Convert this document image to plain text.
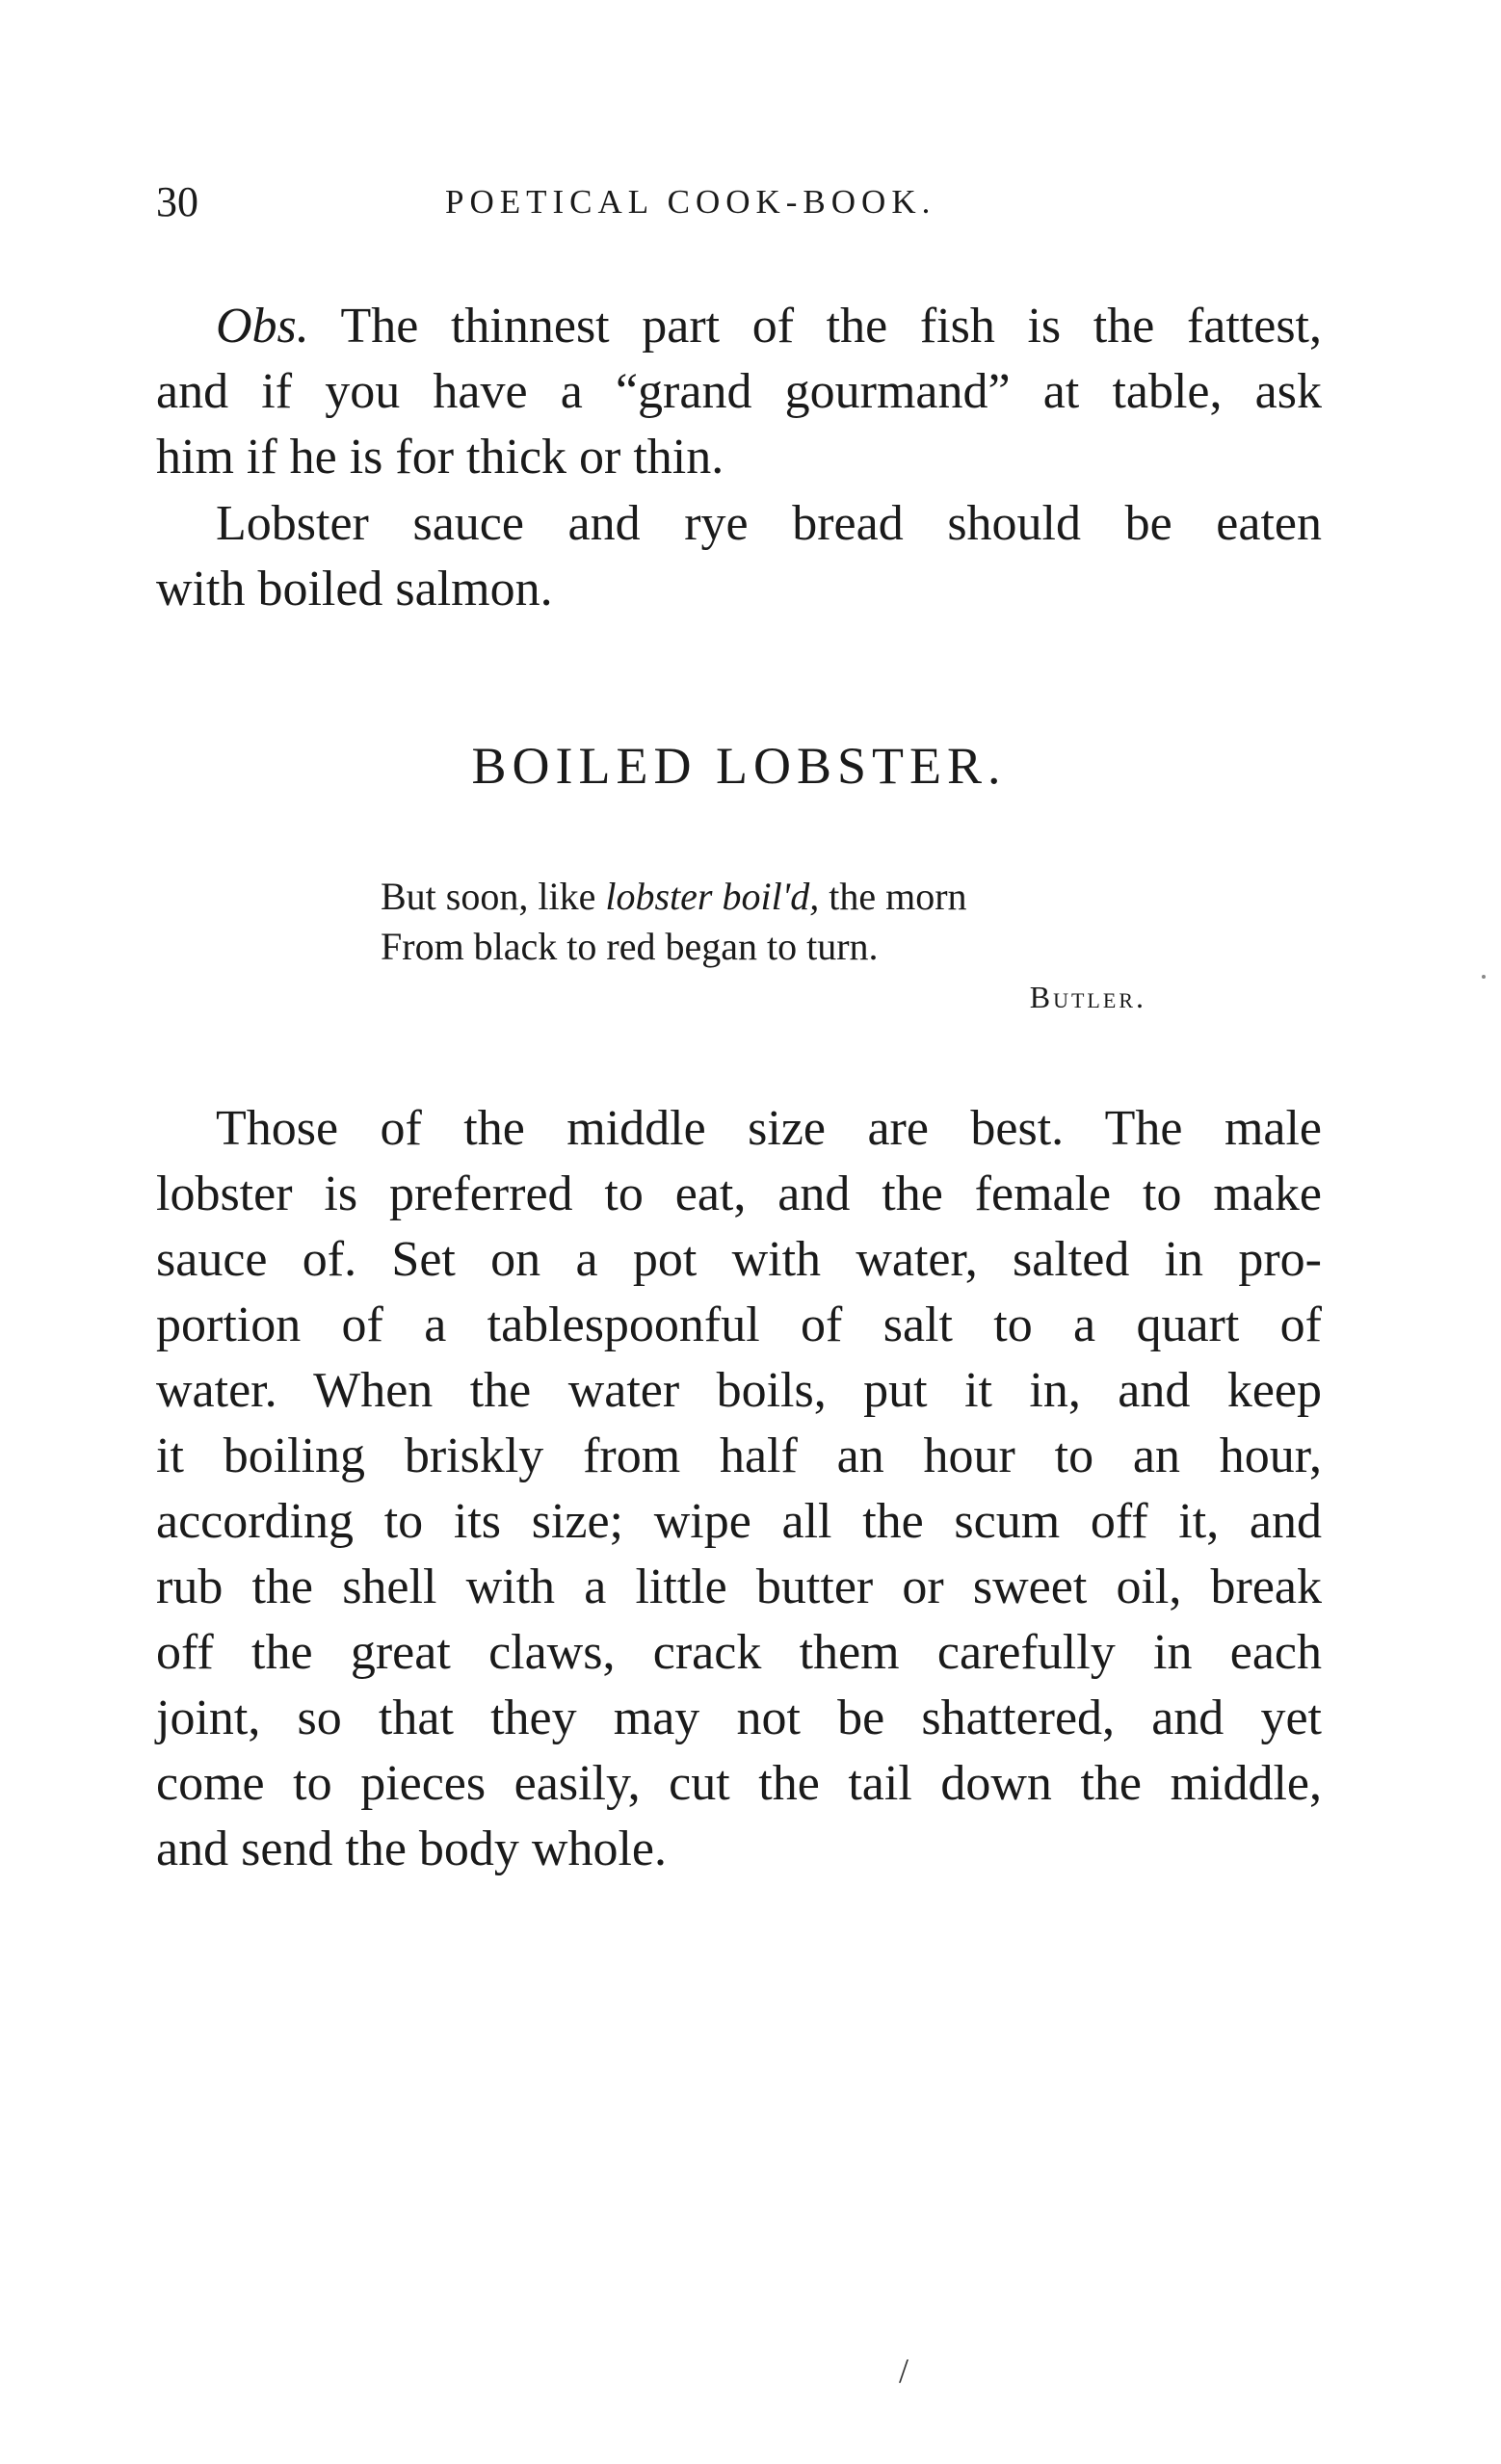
30	POETICAL COOK-BOOK.
Obs. The thinnest part of the fish is the fattest,
and if you have a “grand gourmand” at table, ask
him if he is for thick or thin.
Lobster sauce and rye bread should be eaten
with boiled salmon.
BOILED LOBSTER.
But soon, like lobster boil'd, the morn
From black to red began to turn.
Butler.
Those of the middle size are best. The male
lobster is preferred to eat, and the female to make
sauce of. Set on a pot with water, salted in pro-
portion of a tablespoonful of salt to a quart of
water. When the water boils, put it in, and keep
it boiling briskly from half an hour to an hour,
according to its size; wipe all the scum off it, and
rub the shell with a little butter or sweet oil, break
off the great claws, crack them carefully in each
joint, so that they may not be shattered, and yet
come to pieces easily, cut the tail down the middle,
and send the body whole.
/
